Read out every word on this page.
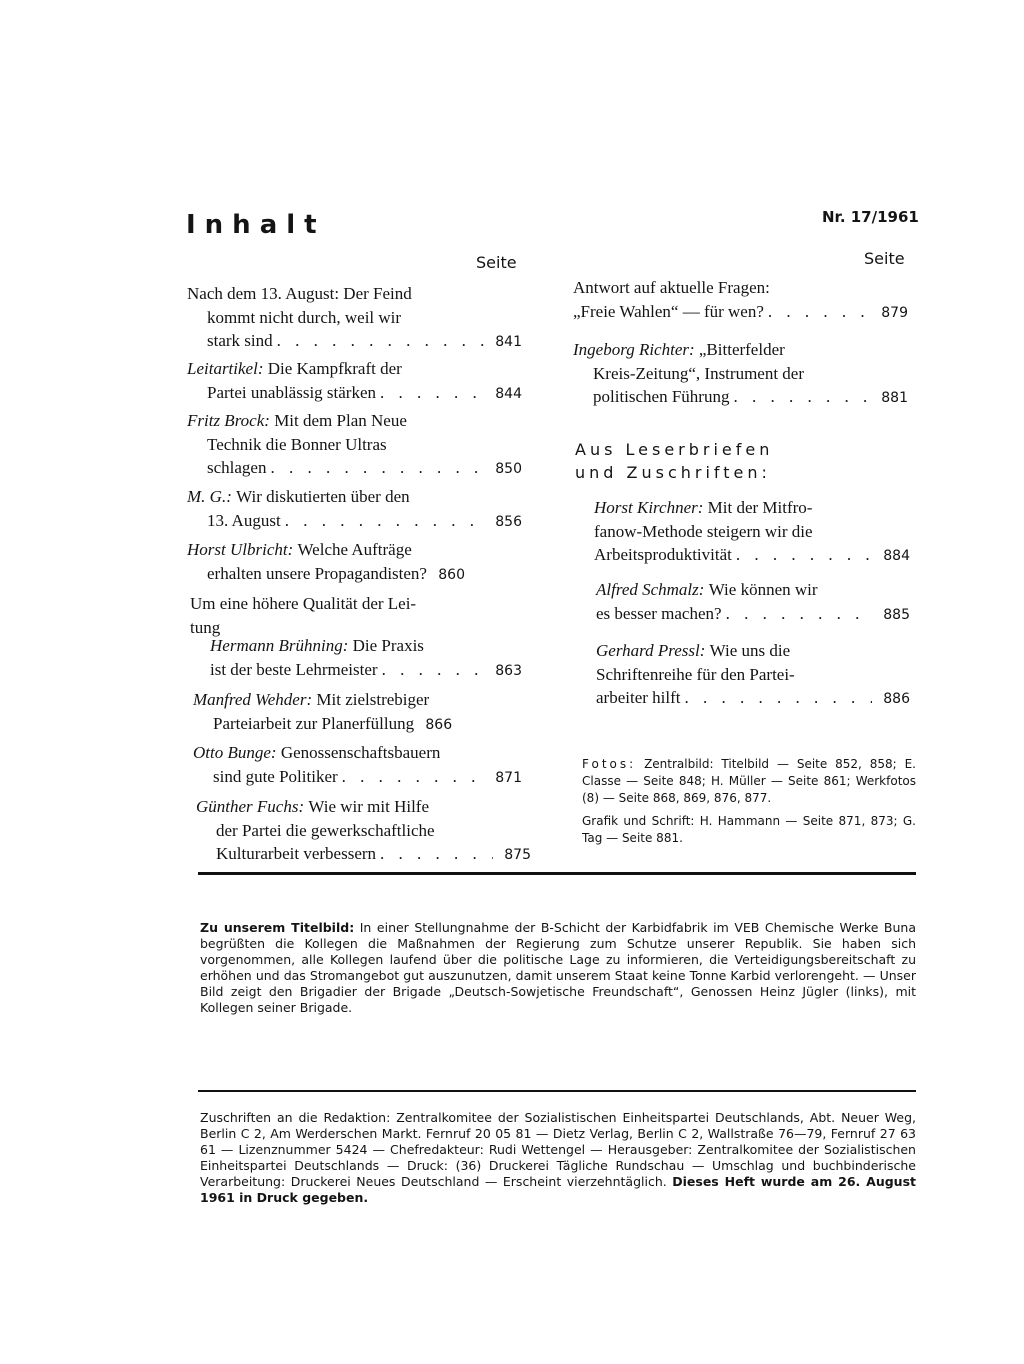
Inhalt	Nr. 17/1961
Seite	Seite
Nach dem 13. August: Der Feind
kommt nicht durch, weil wir
stark sind . . .	841
Leitartikel:
Die Kampfkraft der
Partei unablässig stärken . . .	844
Fritz Brock:
Mit dem Plan Neue
Technik die Bonner Ultras
schlagen . . .	850
M. G.:
Wir diskutierten über den
13. August . . .	856
Horst Ulbricht:
Welche Aufträge
erhalten unsere Propagandisten? 860
Um eine höhere Qualität der Lei-
tung
Hermann Brühning:
Die Praxis
ist der beste Lehrmeister . . .	863
Manfred Wehder:
Mit zielstrebiger
Parteiarbeit zur Planerfüllung 866
Otto Bunge:
Genossenschaftsbauern
sind gute Politiker . . .	871
Günther Fuchs:
Wie wir mit Hilfe
der Partei die gewerkschaftliche
Kulturarbeit verbessern . . .	875
Antwort auf aktuelle Fragen:
„Freie Wahlen“ — für wen? . . .	879
Ingeborg Richter:
„Bitterfelder
Kreis-Zeitung“, Instrument der
politischen Führung . . .	881
Aus Leserbriefen
und Zuschriften:
Horst Kirchner:
Mit der Mitfro-
fanow-Methode steigern wir die
Arbeitsproduktivität . . .	884
Alfred Schmalz:
Wie können wir
es besser machen? . . .	885
Gerhard Pressl:
Wie uns die
Schriftenreihe für den Partei-
arbeiter hilft . . .	886

Fotos: Zentralbild: Titelbild — Seite 852, 858; E. Classe — Seite 848; H. Müller — Seite 861; Werkfotos (8) — Seite 868, 869, 876, 877.

Grafik und Schrift: H. Hammann — Seite 871, 873; G. Tag — Seite 881.

Zu unserem Titelbild: In einer Stellungnahme der B-Schicht der Karbidfabrik im VEB Chemische Werke Buna begrüßten die Kollegen die Maßnahmen der Regierung zum Schutze unserer Republik. Sie haben sich vorgenommen, alle Kollegen laufend über die politische Lage zu informieren, die Verteidigungsbereitschaft zu erhöhen und das Stromangebot gut auszunutzen, damit unserem Staat keine Tonne Karbid verlorengeht. — Unser Bild zeigt den Brigadier der Brigade „Deutsch-Sowjetische Freundschaft“, Genossen Heinz Jügler (links), mit Kollegen seiner Brigade.
Zuschriften an die Redaktion: Zentralkomitee der Sozialistischen Einheitspartei Deutschlands, Abt. Neuer Weg, Berlin C 2, Am Werderschen Markt. Fernruf 20 05 81 — Dietz Verlag, Berlin C 2, Wallstraße 76—79, Fernruf 27 63 61 — Lizenznummer 5424 — Chefredakteur: Rudi Wettengel — Herausgeber: Zentralkomitee der Sozialistischen Einheitspartei Deutschlands — Druck: (36) Druckerei Tägliche Rundschau — Umschlag und buchbinderische Verarbeitung: Druckerei Neues Deutschland — Erscheint vierzehntäglich. Dieses Heft wurde am 26. August 1961 in Druck gegeben.
